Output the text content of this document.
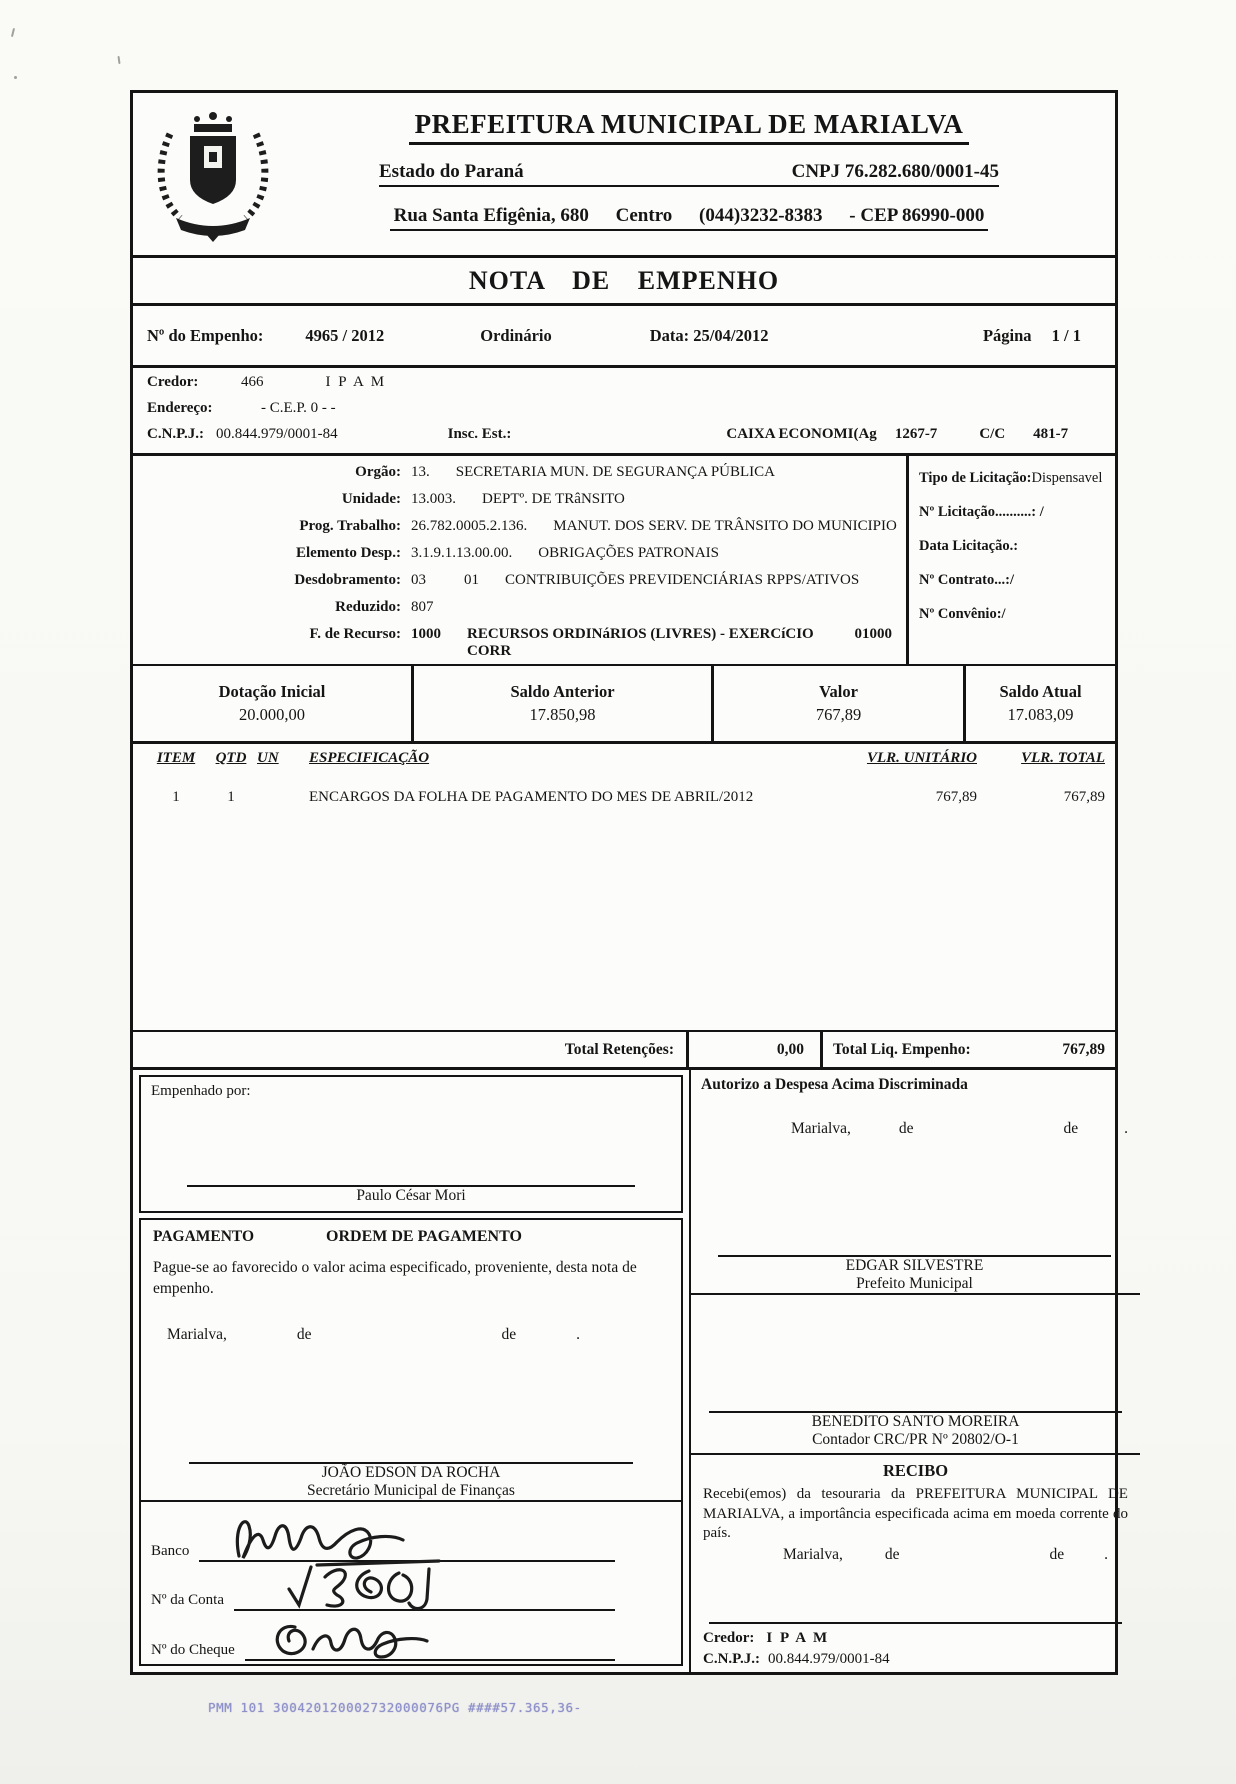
PREFEITURA MUNICIPAL DE MARIALVA
Estado do Paraná	CNPJ 76.282.680/0001-45
Rua Santa Efigênia, 680 Centro (044)3232-8383 - CEP 86990-000
NOTA DE EMPENHO
Nº do Empenho:	4965 / 2012	Ordinário	Data: 25/04/2012	Página 1 / 1
Credor:	466	I P A M
Endereço:	- C.E.P. 0 - -
C.N.P.J.: 00.844.979/0001-84	Insc. Est.:	CAIXA ECONOMI(Ag 1267-7	C/C 481-7
Orgão: 13. SECRETARIA MUN. DE SEGURANÇA PÚBLICA
Unidade: 13.003. DEPTº. DE TRâNSITO
Prog. Trabalho: 26.782.0005.2.136. MANUT. DOS SERV. DE TRÂNSITO DO MUNICIPIO
Elemento Desp.: 3.1.9.1.13.00.00. OBRIGAÇÕES PATRONAIS
Desdobramento: 03	01 CONTRIBUIÇÕES PREVIDENCIÁRIAS RPPS/ATIVOS
Reduzido: 807
F. de Recurso: 1000 RECURSOS ORDINáRIOS (LIVRES) - EXERCíCIO CORR
01000
Tipo de Licitação:Dispensavel
Nº Licitação..........: /
Data Licitação.:
Nº Contrato...:/
Nº Convênio:/
Dotação Inicial
20.000,00
Saldo Anterior
17.850,98
Valor
767,89
Saldo Atual
17.083,09
ITEM	QTD UN	ESPECIFICAÇÃO	VLR. UNITÁRIO	VLR. TOTAL
1	1	ENCARGOS DA FOLHA DE PAGAMENTO DO MES DE ABRIL/2012	767,89	767,89
Total Retenções:	0,00	Total Liq. Empenho:	767,89
Empenhado por:
Paulo César Mori
PAGAMENTO	ORDEM DE PAGAMENTO
Pague-se ao favorecido o valor acima especificado, proveniente, desta nota de empenho.
Marialva,	de	de	.
JOÃO EDSON DA ROCHA
Secretário Municipal de Finanças
Banco
Nº da Conta
Nº do Cheque
Autorizo a Despesa Acima Discriminada
Marialva,	de	de	.
EDGAR SILVESTRE
Prefeito Municipal
BENEDITO SANTO MOREIRA
Contador CRC/PR Nº 20802/O-1
RECIBO
Recebi(emos) da tesouraria da PREFEITURA MUNICIPAL DE MARIALVA, a importância especificada acima em moeda corrente do país.
Marialva,	de	de	.
Credor: I P A M
C.N.P.J.: 00.844.979/0001-84
PMM 101 300420120002732000076PG ####57.365,36-
